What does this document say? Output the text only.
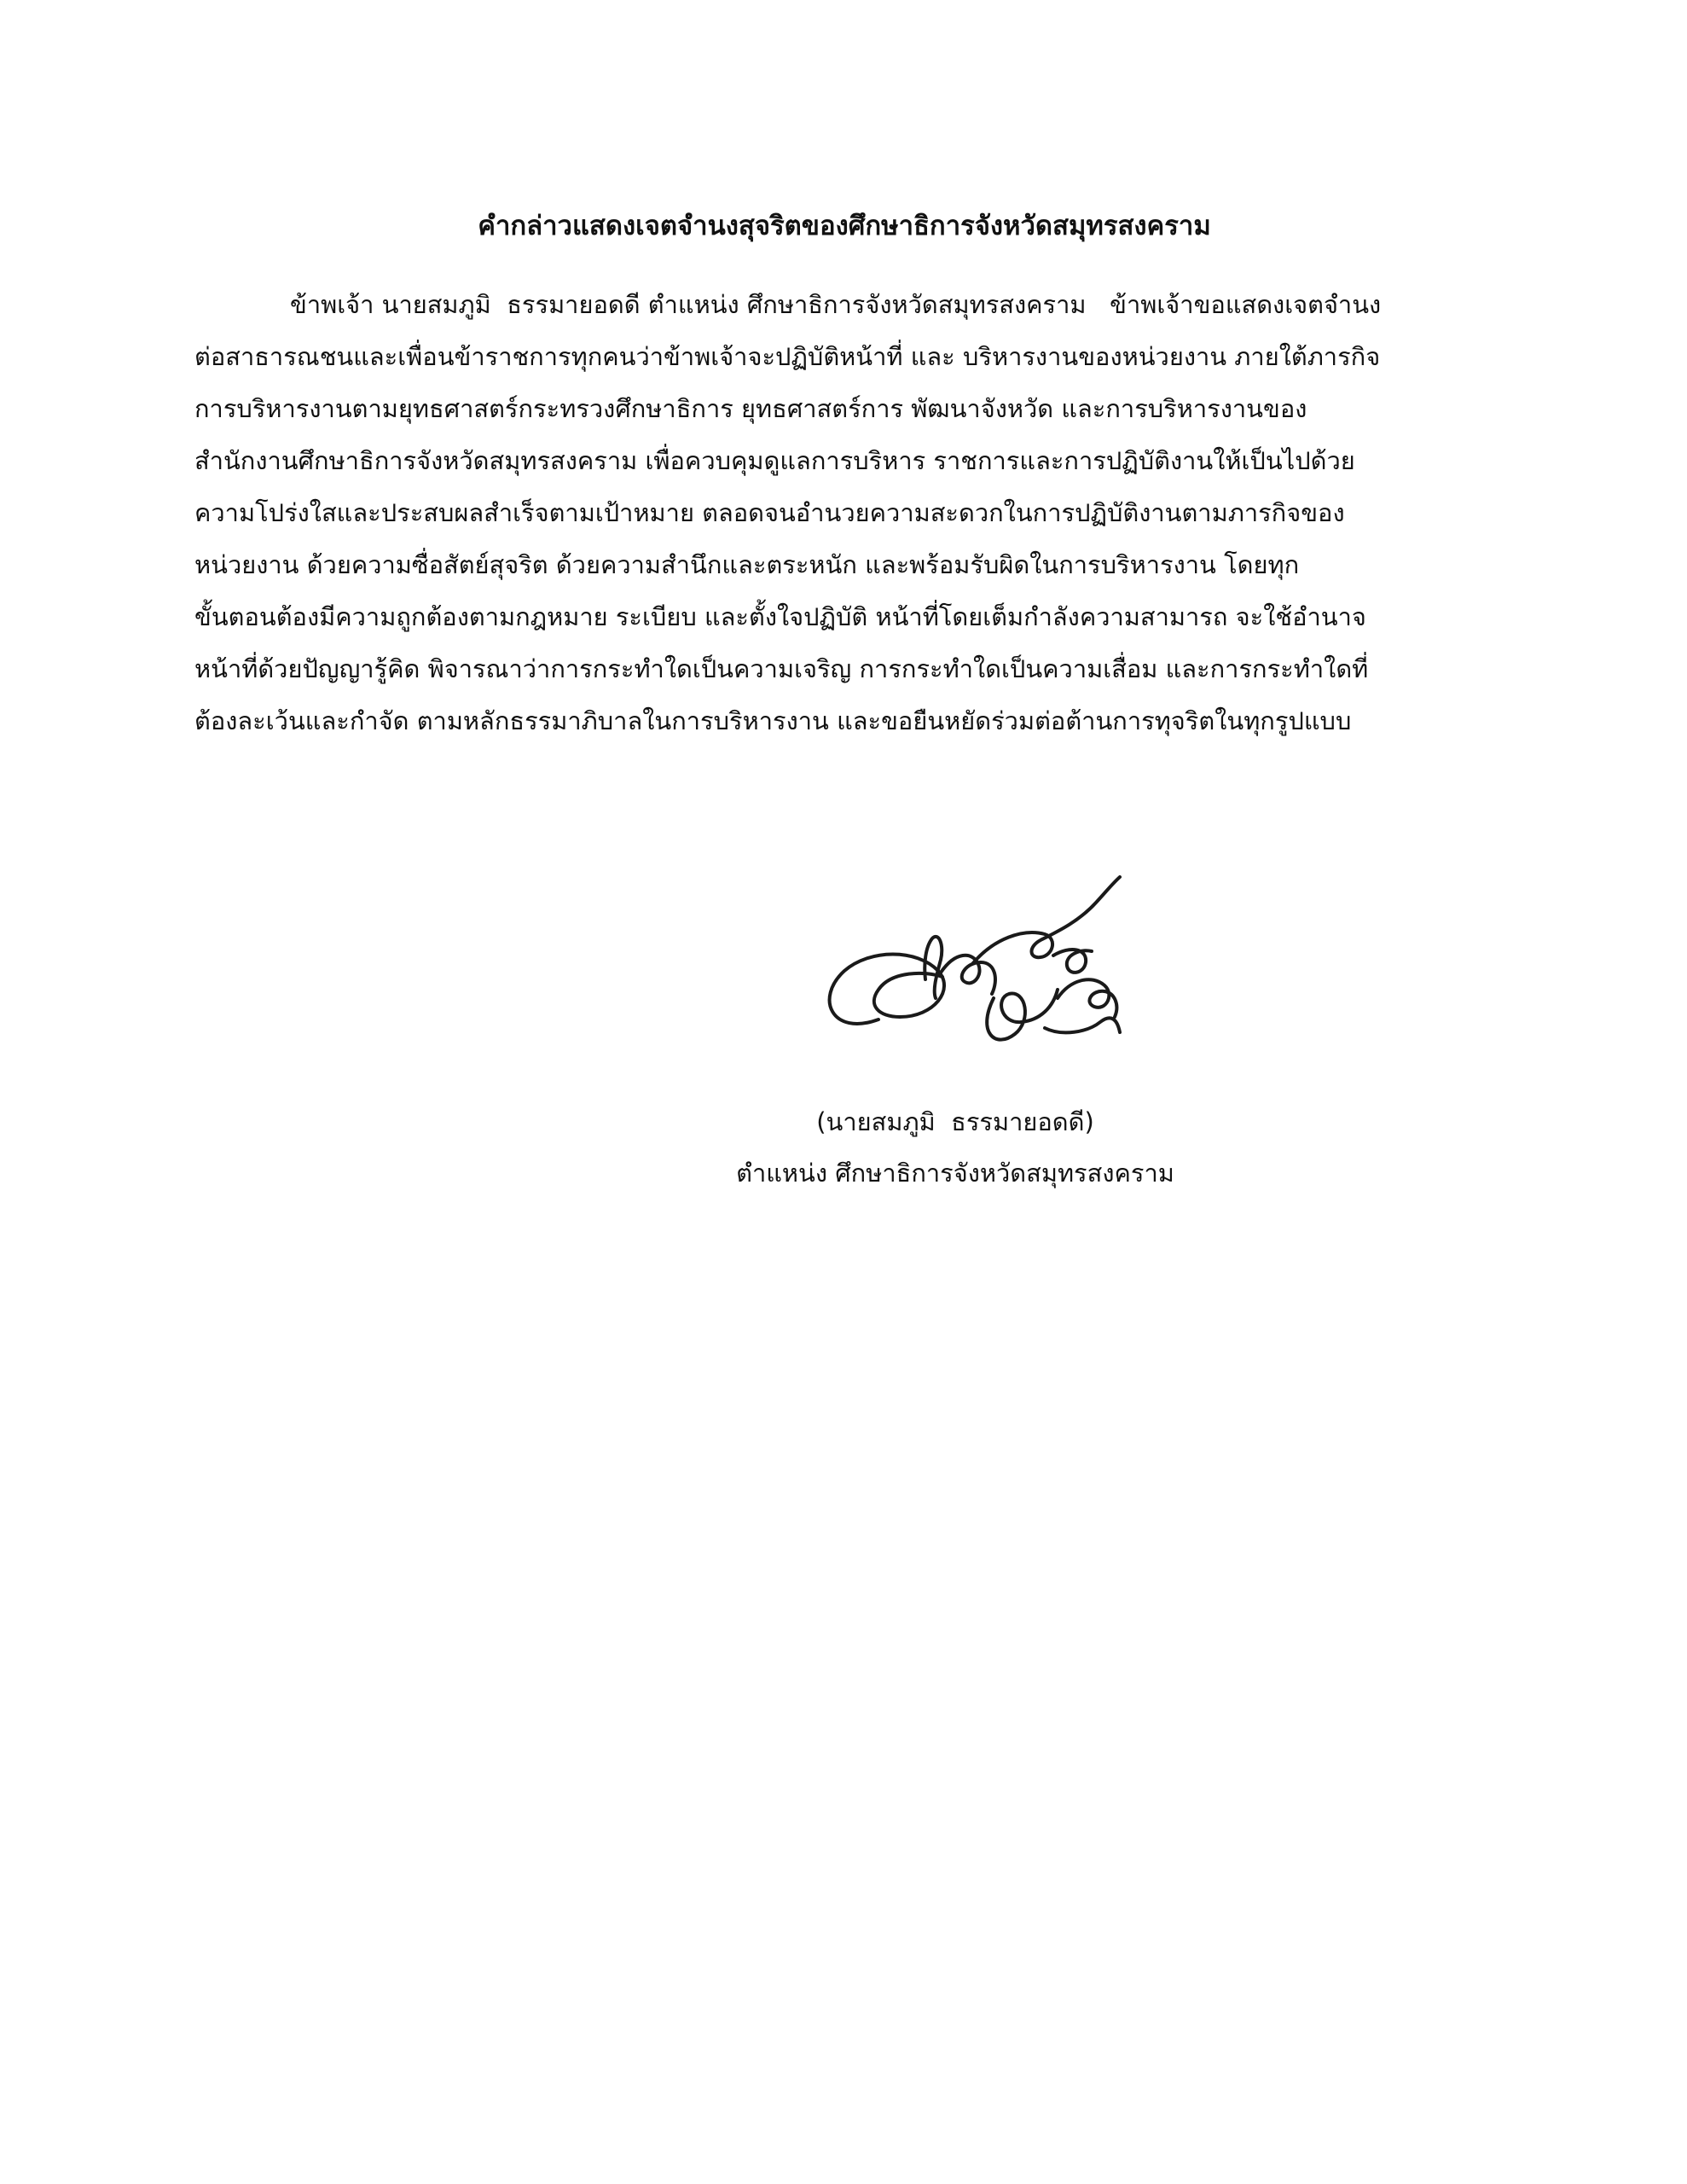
คำกล่าวแสดงเจตจำนงสุจริตของศึกษาธิการจังหวัดสมุทรสงคราม
ข้าพเจ้า นายสมภูมิ  ธรรมายอดดี ตำแหน่ง ศึกษาธิการจังหวัดสมุทรสงคราม   ข้าพเจ้าขอแสดงเจตจำนง
ต่อสาธารณชนและเพื่อนข้าราชการทุกคนว่าข้าพเจ้าจะปฏิบัติหน้าที่ และ บริหารงานของหน่วยงาน ภายใต้ภารกิจ
การบริหารงานตามยุทธศาสตร์กระทรวงศึกษาธิการ ยุทธศาสตร์การ พัฒนาจังหวัด และการบริหารงานของ
สำนักงานศึกษาธิการจังหวัดสมุทรสงคราม เพื่อควบคุมดูแลการบริหาร ราชการและการปฏิบัติงานให้เป็นไปด้วย
ความโปร่งใสและประสบผลสำเร็จตามเป้าหมาย ตลอดจนอำนวยความสะดวกในการปฏิบัติงานตามภารกิจของ
หน่วยงาน ด้วยความซื่อสัตย์สุจริต ด้วยความสำนึกและตระหนัก และพร้อมรับผิดในการบริหารงาน โดยทุก
ขั้นตอนต้องมีความถูกต้องตามกฎหมาย ระเบียบ และตั้งใจปฏิบัติ หน้าที่โดยเต็มกำลังความสามารถ จะใช้อำนาจ
หน้าที่ด้วยปัญญารู้คิด พิจารณาว่าการกระทำใดเป็นความเจริญ การกระทำใดเป็นความเสื่อม และการกระทำใดที่
ต้องละเว้นและกำจัด ตามหลักธรรมาภิบาลในการบริหารงาน และขอยืนหยัดร่วมต่อต้านการทุจริตในทุกรูปแบบ
(นายสมภูมิ  ธรรมายอดดี)
ตำแหน่ง ศึกษาธิการจังหวัดสมุทรสงคราม
